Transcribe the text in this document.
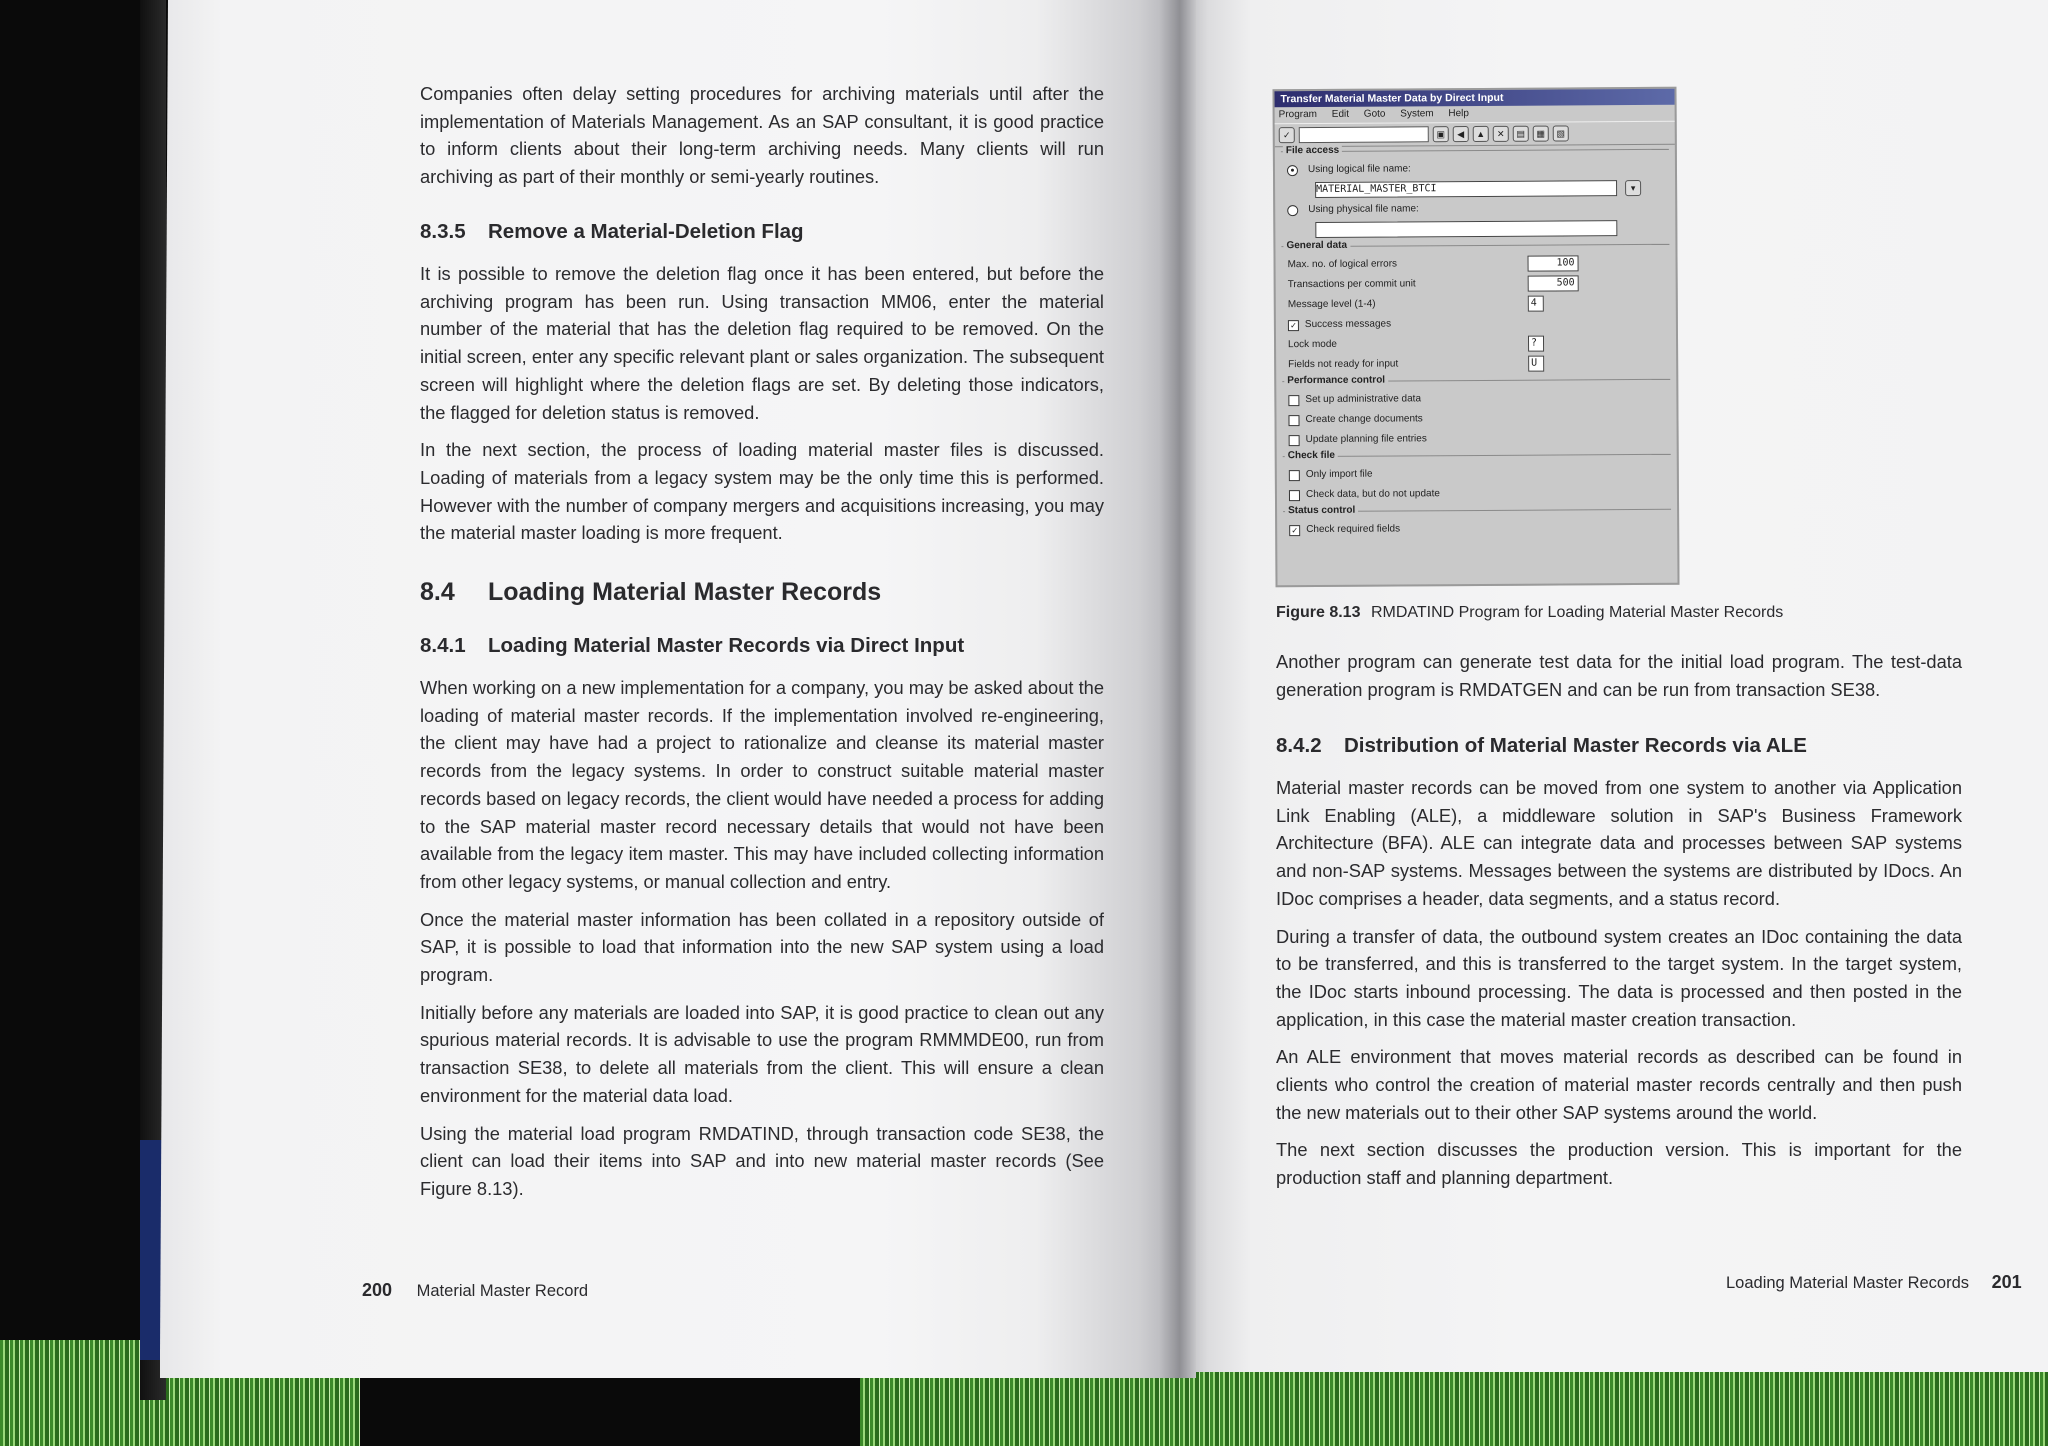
Companies often delay setting procedures for archiving materials until after the implementation of Materials Management. As an SAP consultant, it is good practice to inform clients about their long-term archiving needs. Many clients will run archiving as part of their monthly or semi-yearly routines.

8.3.5 Remove a Material-Deletion Flag

It is possible to remove the deletion flag once it has been entered, but before the archiving program has been run. Using transaction MM06, enter the material number of the material that has the deletion flag required to be removed. On the initial screen, enter any specific relevant plant or sales organization. The subsequent screen will highlight where the deletion flags are set. By deleting those indicators, the flagged for deletion status is removed.

In the next section, the process of loading material master files is discussed. Loading of materials from a legacy system may be the only time this is performed. However with the number of company mergers and acquisitions increasing, you may the material master loading is more frequent.

8.4 Loading Material Master Records
8.4.1 Loading Material Master Records via Direct Input

When working on a new implementation for a company, you may be asked about the loading of material master records. If the implementation involved re-engineering, the client may have had a project to rationalize and cleanse its material master records from the legacy systems. In order to construct suitable material master records based on legacy records, the client would have needed a process for adding to the SAP material master record necessary details that would not have been available from the legacy item master. This may have included collecting information from other legacy systems, or manual collection and entry.

Once the material master information has been collated in a repository outside of SAP, it is possible to load that information into the new SAP system using a load program.

Initially before any materials are loaded into SAP, it is good practice to clean out any spurious material records. It is advisable to use the program RMMMDE00, run from transaction SE38, to delete all materials from the client. This will ensure a clean environment for the material data load.

Using the material load program RMDATIND, through transaction code SE38, the client can load their items into SAP and into new material master records (See Figure 8.13).

200 Material Master Record
Transfer Material Master Data by Direct Input
Program Edit Goto System Help
✓	▣	◀	▲	✕	▤	▦	▧
File access
●	Using logical file name:
MATERIAL_MASTER_BTCI	▾
Using physical file name:
General data
Max. no. of logical errors	100
Transactions per commit unit	500
Message level (1-4)	4
✓ Success messages
Lock mode	?
Fields not ready for input	U
Performance control
Set up administrative data
Create change documents
Update planning file entries
Check file
Only import file
Check data, but do not update
Status control
✓ Check required fields
Figure 8.13 RMDATIND Program for Loading Material Master Records

Another program can generate test data for the initial load program. The test-data generation program is RMDATGEN and can be run from transaction SE38.

8.4.2 Distribution of Material Master Records via ALE

Material master records can be moved from one system to another via Application Link Enabling (ALE), a middleware solution in SAP's Business Framework Architecture (BFA). ALE can integrate data and processes between SAP systems and non-SAP systems. Messages between the systems are distributed by IDocs. An IDoc comprises a header, data segments, and a status record.

During a transfer of data, the outbound system creates an IDoc containing the data to be transferred, and this is transferred to the target system. In the target system, the IDoc starts inbound processing. The data is processed and then posted in the application, in this case the material master creation transaction.

An ALE environment that moves material records as described can be found in clients who control the creation of material master records centrally and then push the new materials out to their other SAP systems around the world.

The next section discusses the production version. This is important for the production staff and planning department.

Loading Material Master Records 201
